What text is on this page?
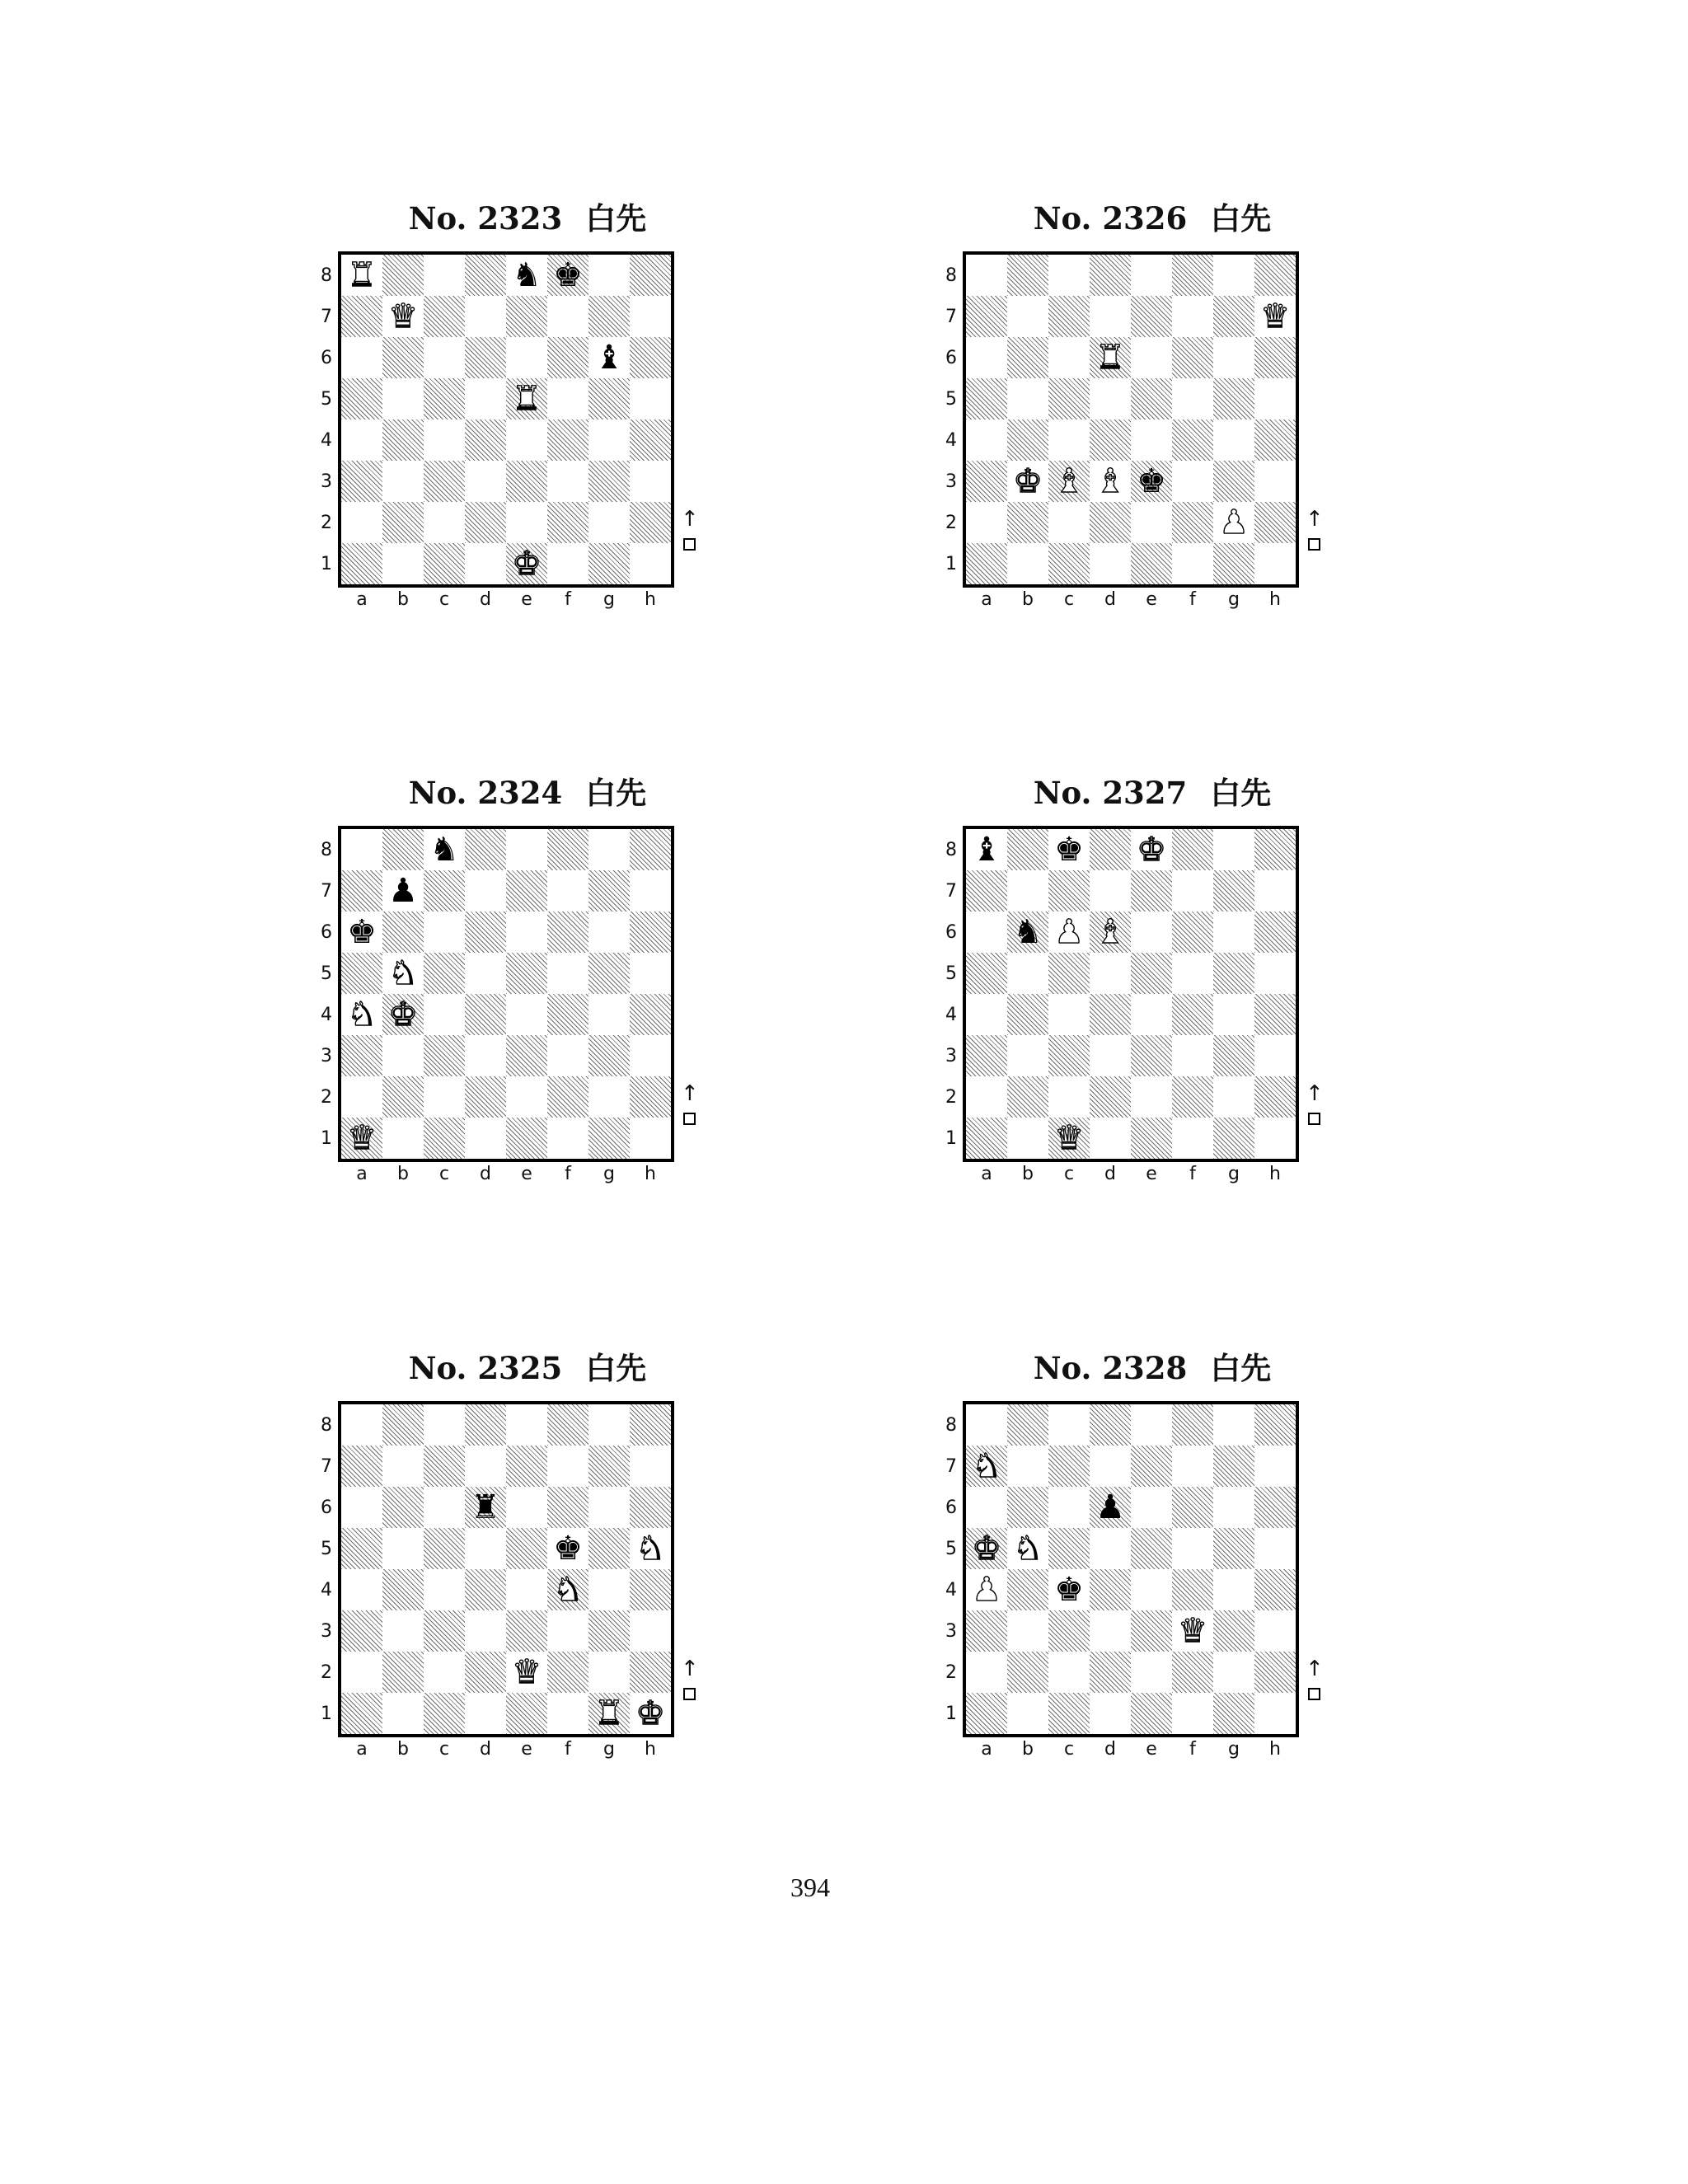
No. 2323 白先
8
7
6
5
4
3
2
1
♜	♞ ♚
♛
♝
♜
♚
a	b	c	d	e	f	g	h
↑
No. 2326 白先
8
7
6
5
4
3
2
1
♛
♜
♚ ♝ ♝ ♚
♟
a	b	c	d	e	f	g	h
↑
No. 2324 白先
8
7
6
5
4
3
2
1
♞
♟
♚
♞
♞ ♚
♛
a	b	c	d	e	f	g	h
↑
No. 2327 白先
8
7
6
5
4
3
2
1
♝ ♚ ♚
♞ ♟ ♝
♛
a	b	c	d	e	f	g	h
↑
No. 2325 白先
8
7
6
5
4
3
2
1
♜
♚ ♞
♞
♛
♜ ♚
a	b	c	d	e	f	g	h
↑
No. 2328 白先
8
7
6
5
4
3
2
1
♞
♟
♚ ♞
♟ ♚
♛
a	b	c	d	e	f	g	h
↑
394
